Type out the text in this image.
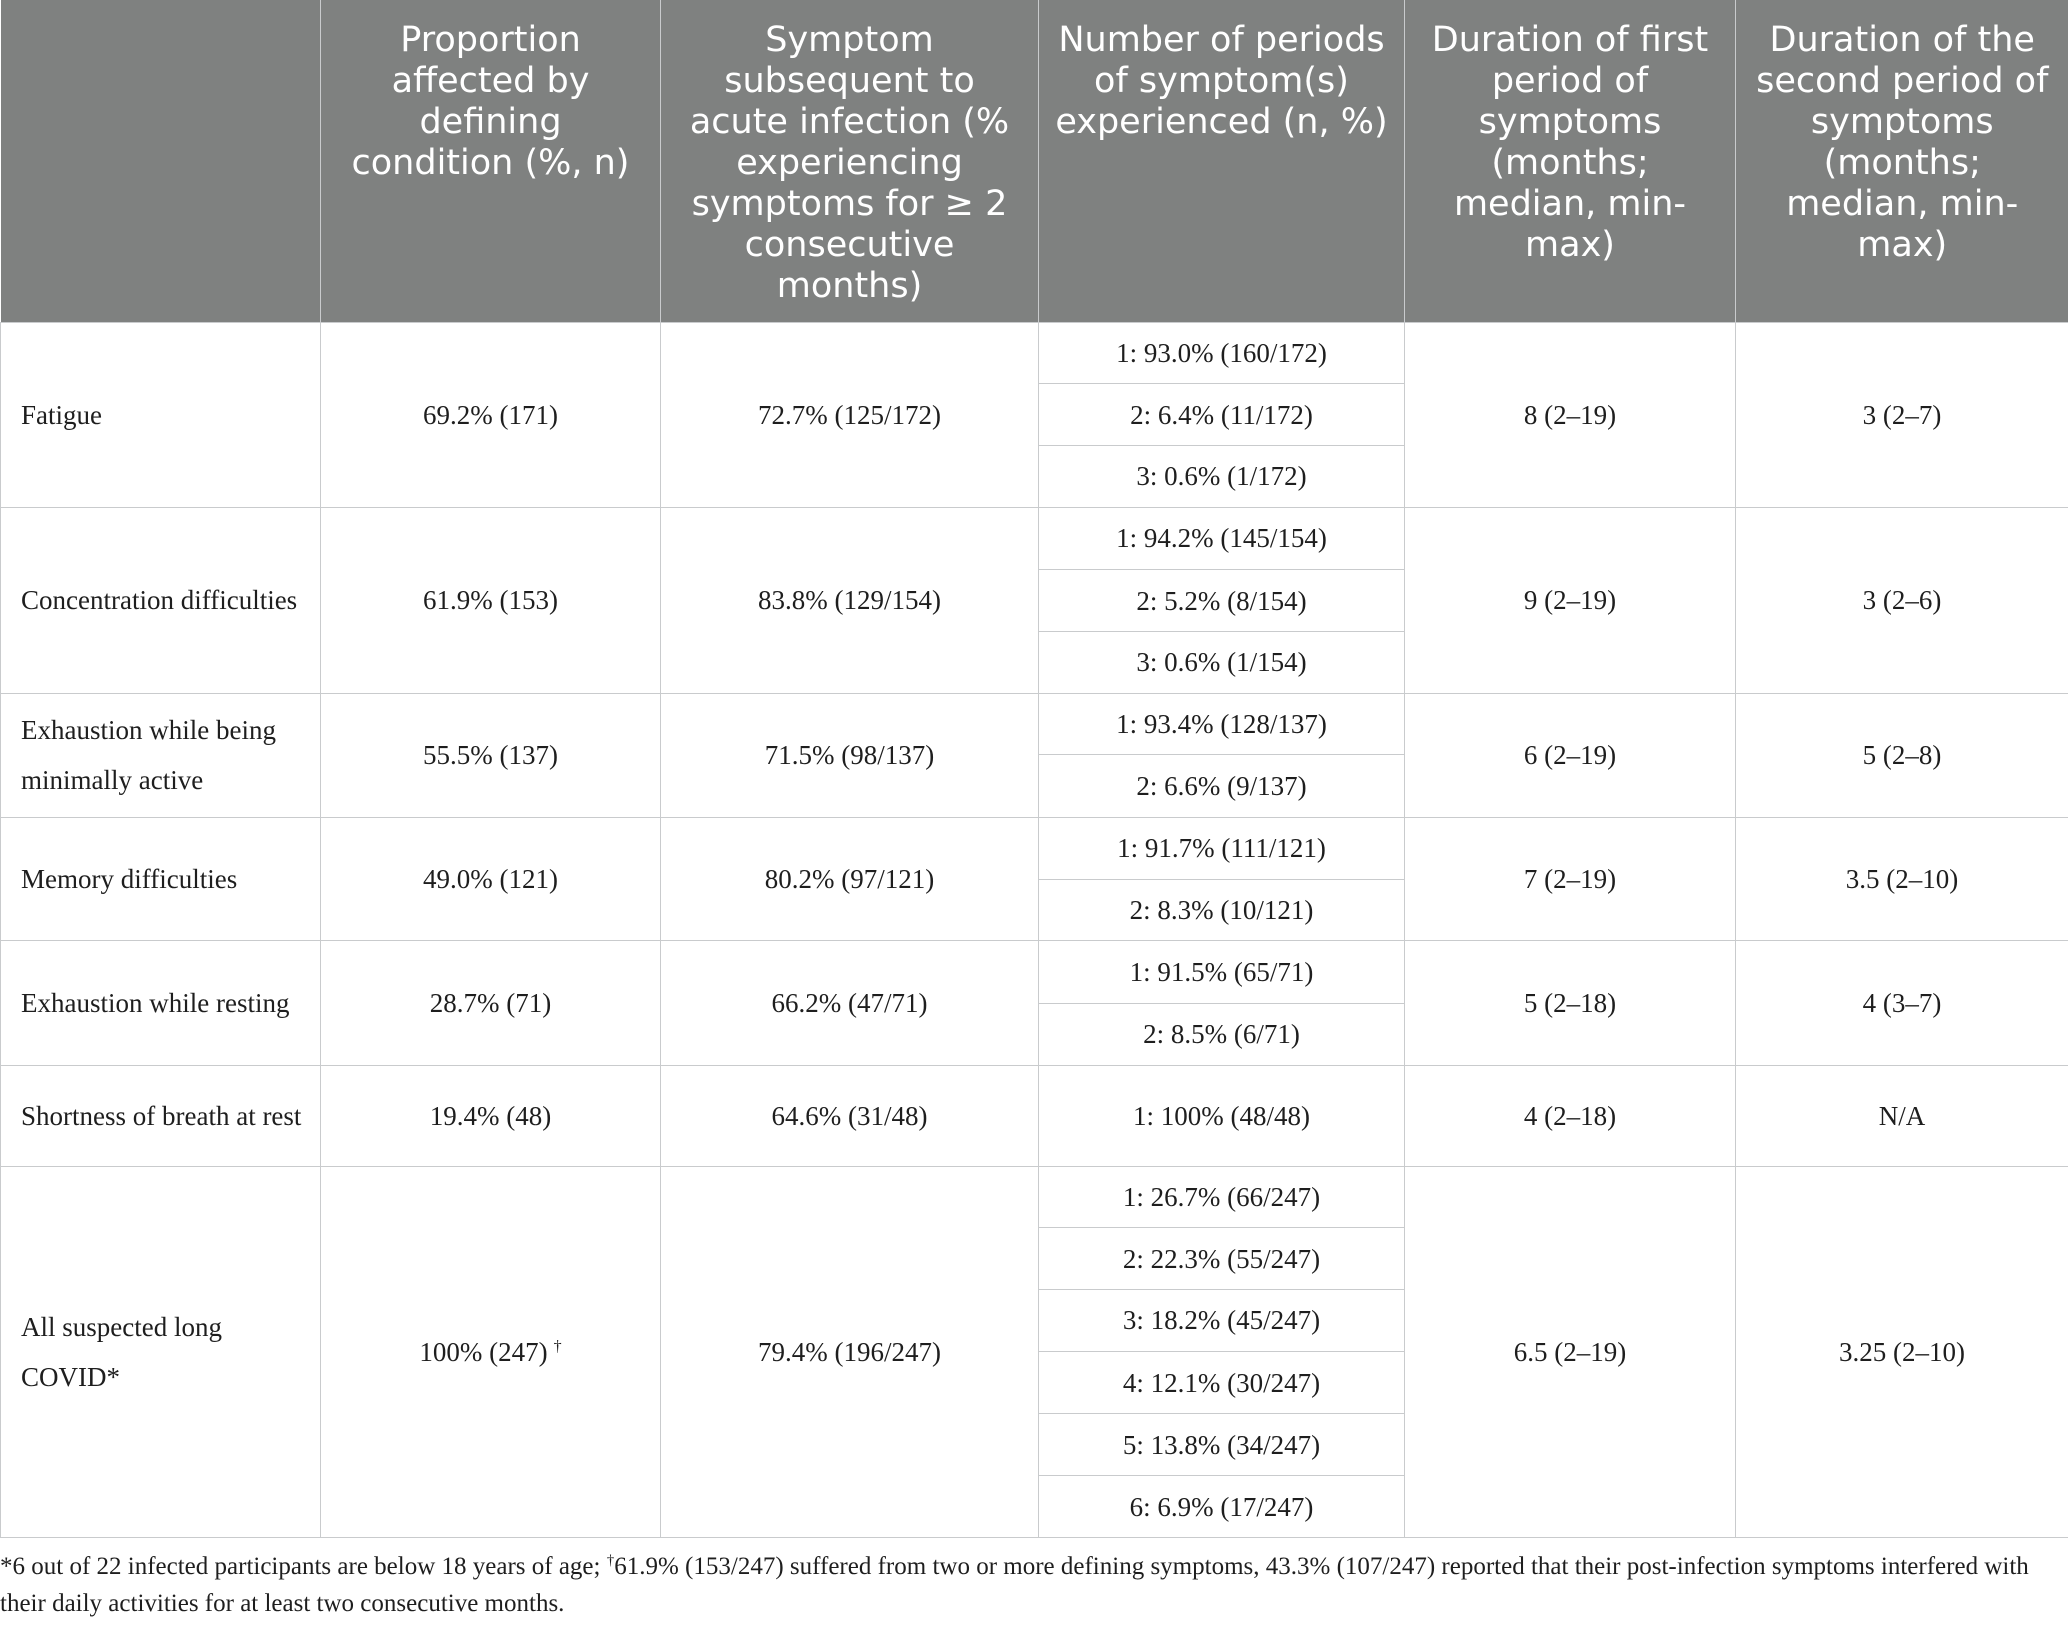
	Proportion affected by defining condition (%, n)	Symptom subsequent to acute infection (% experiencing symptoms for ≥ 2 consecutive months)	Number of periods of symptom(s) experienced (n, %)	Duration of first period of symptoms (months; median, min-max)	Duration of the second period of symptoms (months; median, min-max)
Fatigue	69.2% (171)	72.7% (125/172)	1: 93.0% (160/172)	8 (2–19)	3 (2–7)
			2: 6.4% (11/172)		
			3: 0.6% (1/172)		
Concentration difficulties	61.9% (153)	83.8% (129/154)	1: 94.2% (145/154)	9 (2–19)	3 (2–6)
			2: 5.2% (8/154)		
			3: 0.6% (1/154)		
Exhaustion while being minimally active	55.5% (137)	71.5% (98/137)	1: 93.4% (128/137)	6 (2–19)	5 (2–8)
			2: 6.6% (9/137)		
Memory difficulties	49.0% (121)	80.2% (97/121)	1: 91.7% (111/121)	7 (2–19)	3.5 (2–10)
			2: 8.3% (10/121)		
Exhaustion while resting	28.7% (71)	66.2% (47/71)	1: 91.5% (65/71)	5 (2–18)	4 (3–7)
			2: 8.5% (6/71)		
Shortness of breath at rest	19.4% (48)	64.6% (31/48)	1: 100% (48/48)	4 (2–18)	N/A
All suspected long COVID*	100% (247) †	79.4% (196/247)	1: 26.7% (66/247)	6.5 (2–19)	3.25 (2–10)
			2: 22.3% (55/247)		
			3: 18.2% (45/247)		
			4: 12.1% (30/247)		
			5: 13.8% (34/247)		
			6: 6.9% (17/247)		
*6 out of 22 infected participants are below 18 years of age; †61.9% (153/247) suffered from two or more defining symptoms, 43.3% (107/247) reported that their post-infection symptoms interfered with their daily activities for at least two consecutive months.
